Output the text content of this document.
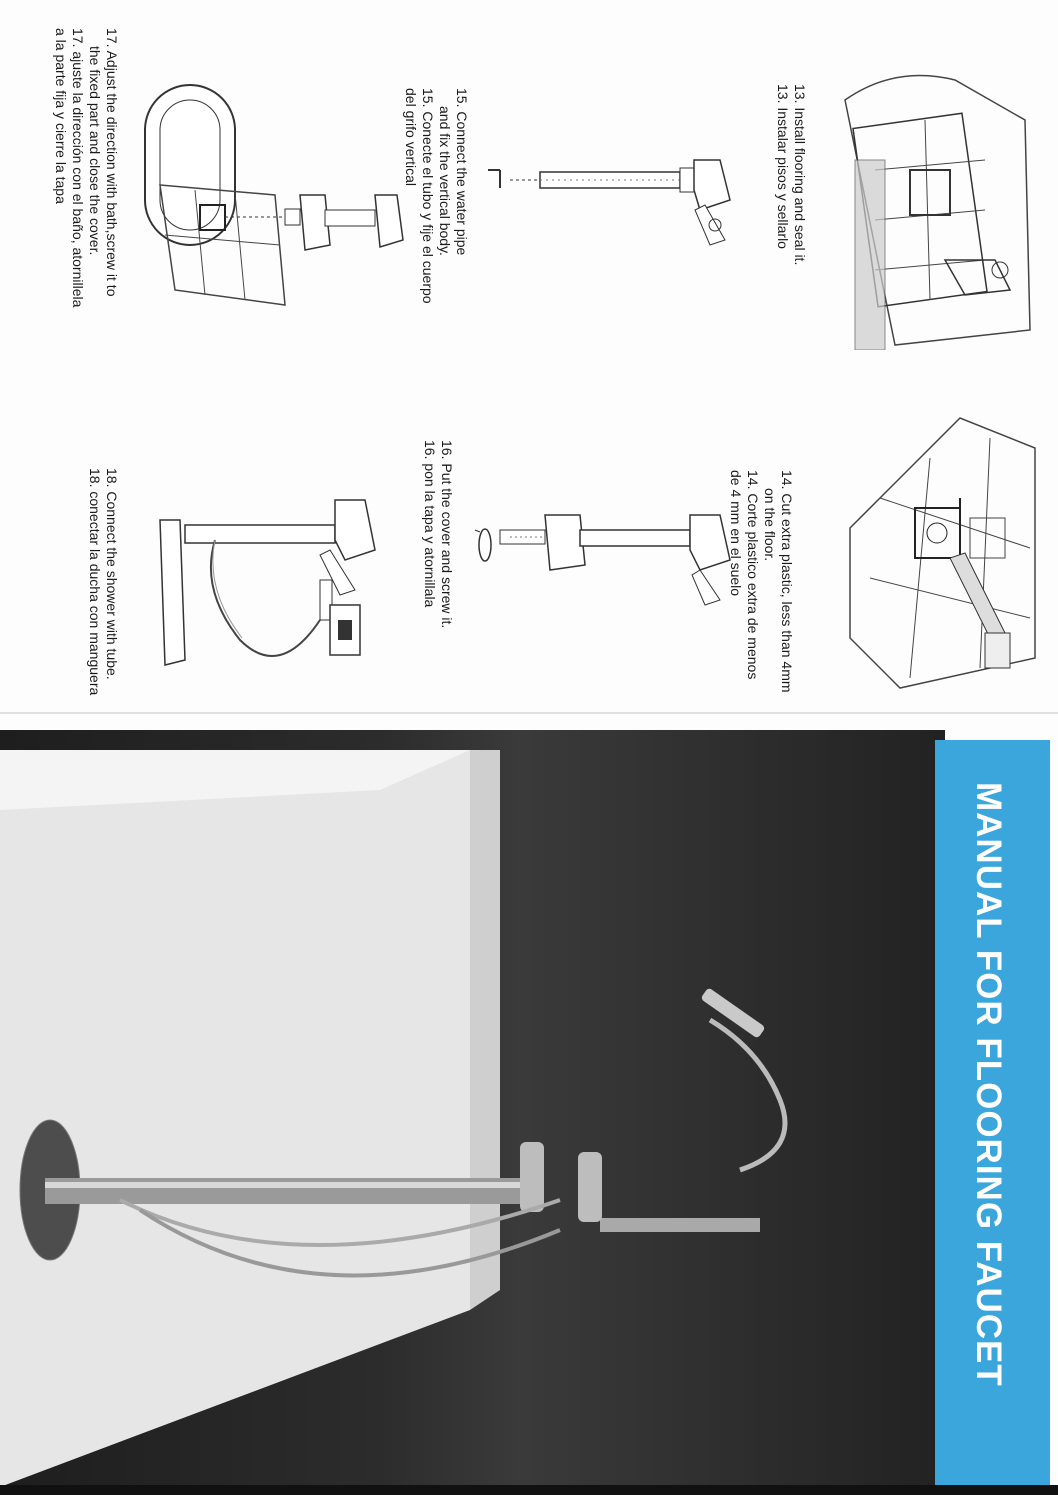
13. Install flooring and seal it.
13. Instalar pisos y sellarlo
14. Cut extra plastic, less than 4mm
on the floor.
14. Corte plastico extra de menos
de 4 mm en el suelo
15. Connect the water pipe
and fix the vertical body.
15. Conecte el tubo y fije el cuerpo
del grifo vertical
16. Put the cover and screw it.
16. pon la tapa y atornillala
17. Adjust the direction with bath,screw it to
the fixed part and close the cover.
17. ajuste la dirección con el baño, atornillela
a la parte fija y cierre la tapa
18. Connect the shower with tube.
18. conectar la ducha con manguera
MANUAL FOR FLOORING FAUCET
